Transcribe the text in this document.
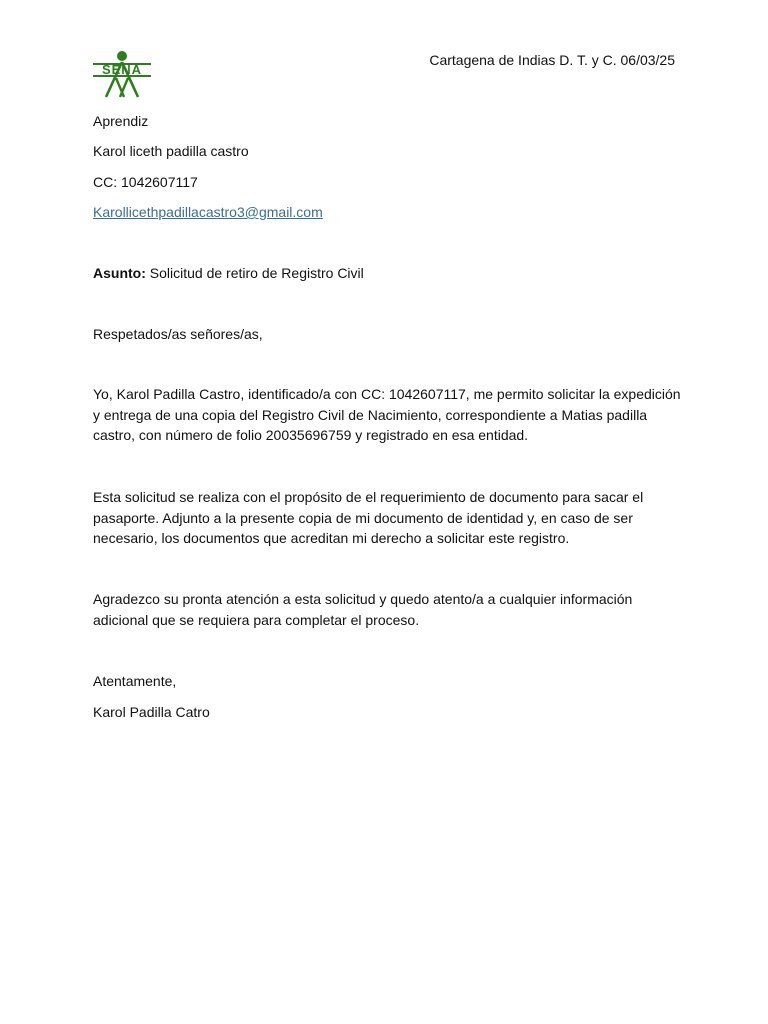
SENA
Cartagena de Indias D. T. y C. 06/03/25
Aprendiz
Karol liceth padilla castro
CC: 1042607117
Karollicethpadillacastro3@gmail.com
Asunto: Solicitud de retiro de Registro Civil
Respetados/as señores/as,
Yo, Karol Padilla Castro, identificado/a con CC: 1042607117, me permito solicitar la expedición y entrega de una copia del Registro Civil de Nacimiento, correspondiente a Matias padilla castro, con número de folio 20035696759 y registrado en esa entidad.
Esta solicitud se realiza con el propósito de el requerimiento de documento para sacar el pasaporte. Adjunto a la presente copia de mi documento de identidad y, en caso de ser necesario, los documentos que acreditan mi derecho a solicitar este registro.
Agradezco su pronta atención a esta solicitud y quedo atento/a a cualquier información adicional que se requiera para completar el proceso.
Atentamente,
Karol Padilla Catro
